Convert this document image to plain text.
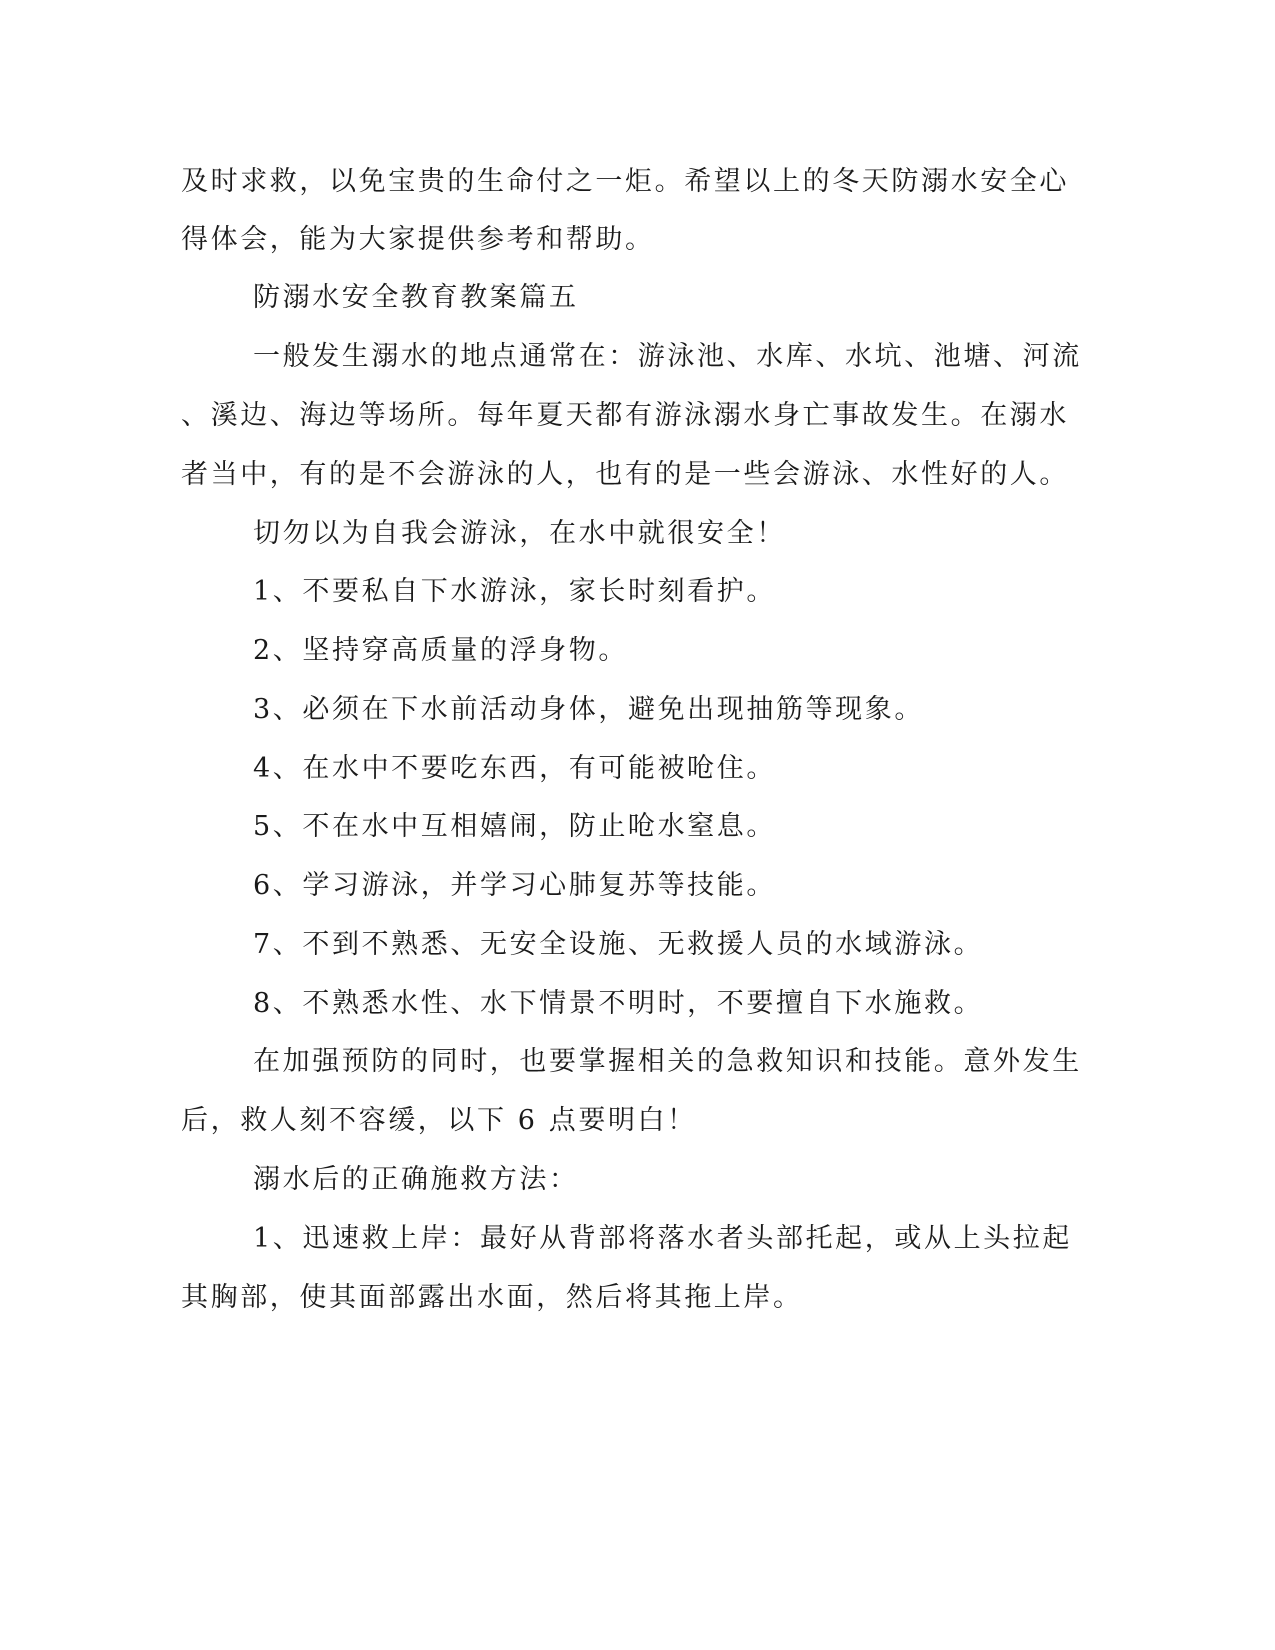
及时求救，以免宝贵的生命付之一炬。希望以上的冬天防溺水安全心
得体会，能为大家提供参考和帮助。
防溺水安全教育教案篇五
一般发生溺水的地点通常在：游泳池、水库、水坑、池塘、河流
、溪边、海边等场所。每年夏天都有游泳溺水身亡事故发生。在溺水
者当中，有的是不会游泳的人，也有的是一些会游泳、水性好的人。
切勿以为自我会游泳，在水中就很安全！
1、不要私自下水游泳，家长时刻看护。
2、坚持穿高质量的浮身物。
3、必须在下水前活动身体，避免出现抽筋等现象。
4、在水中不要吃东西，有可能被呛住。
5、不在水中互相嬉闹，防止呛水窒息。
6、学习游泳，并学习心肺复苏等技能。
7、不到不熟悉、无安全设施、无救援人员的水域游泳。
8、不熟悉水性、水下情景不明时，不要擅自下水施救。
在加强预防的同时，也要掌握相关的急救知识和技能。意外发生
后，救人刻不容缓，以下 6 点要明白！
溺水后的正确施救方法：
1、迅速救上岸：最好从背部将落水者头部托起，或从上头拉起
其胸部，使其面部露出水面，然后将其拖上岸。
